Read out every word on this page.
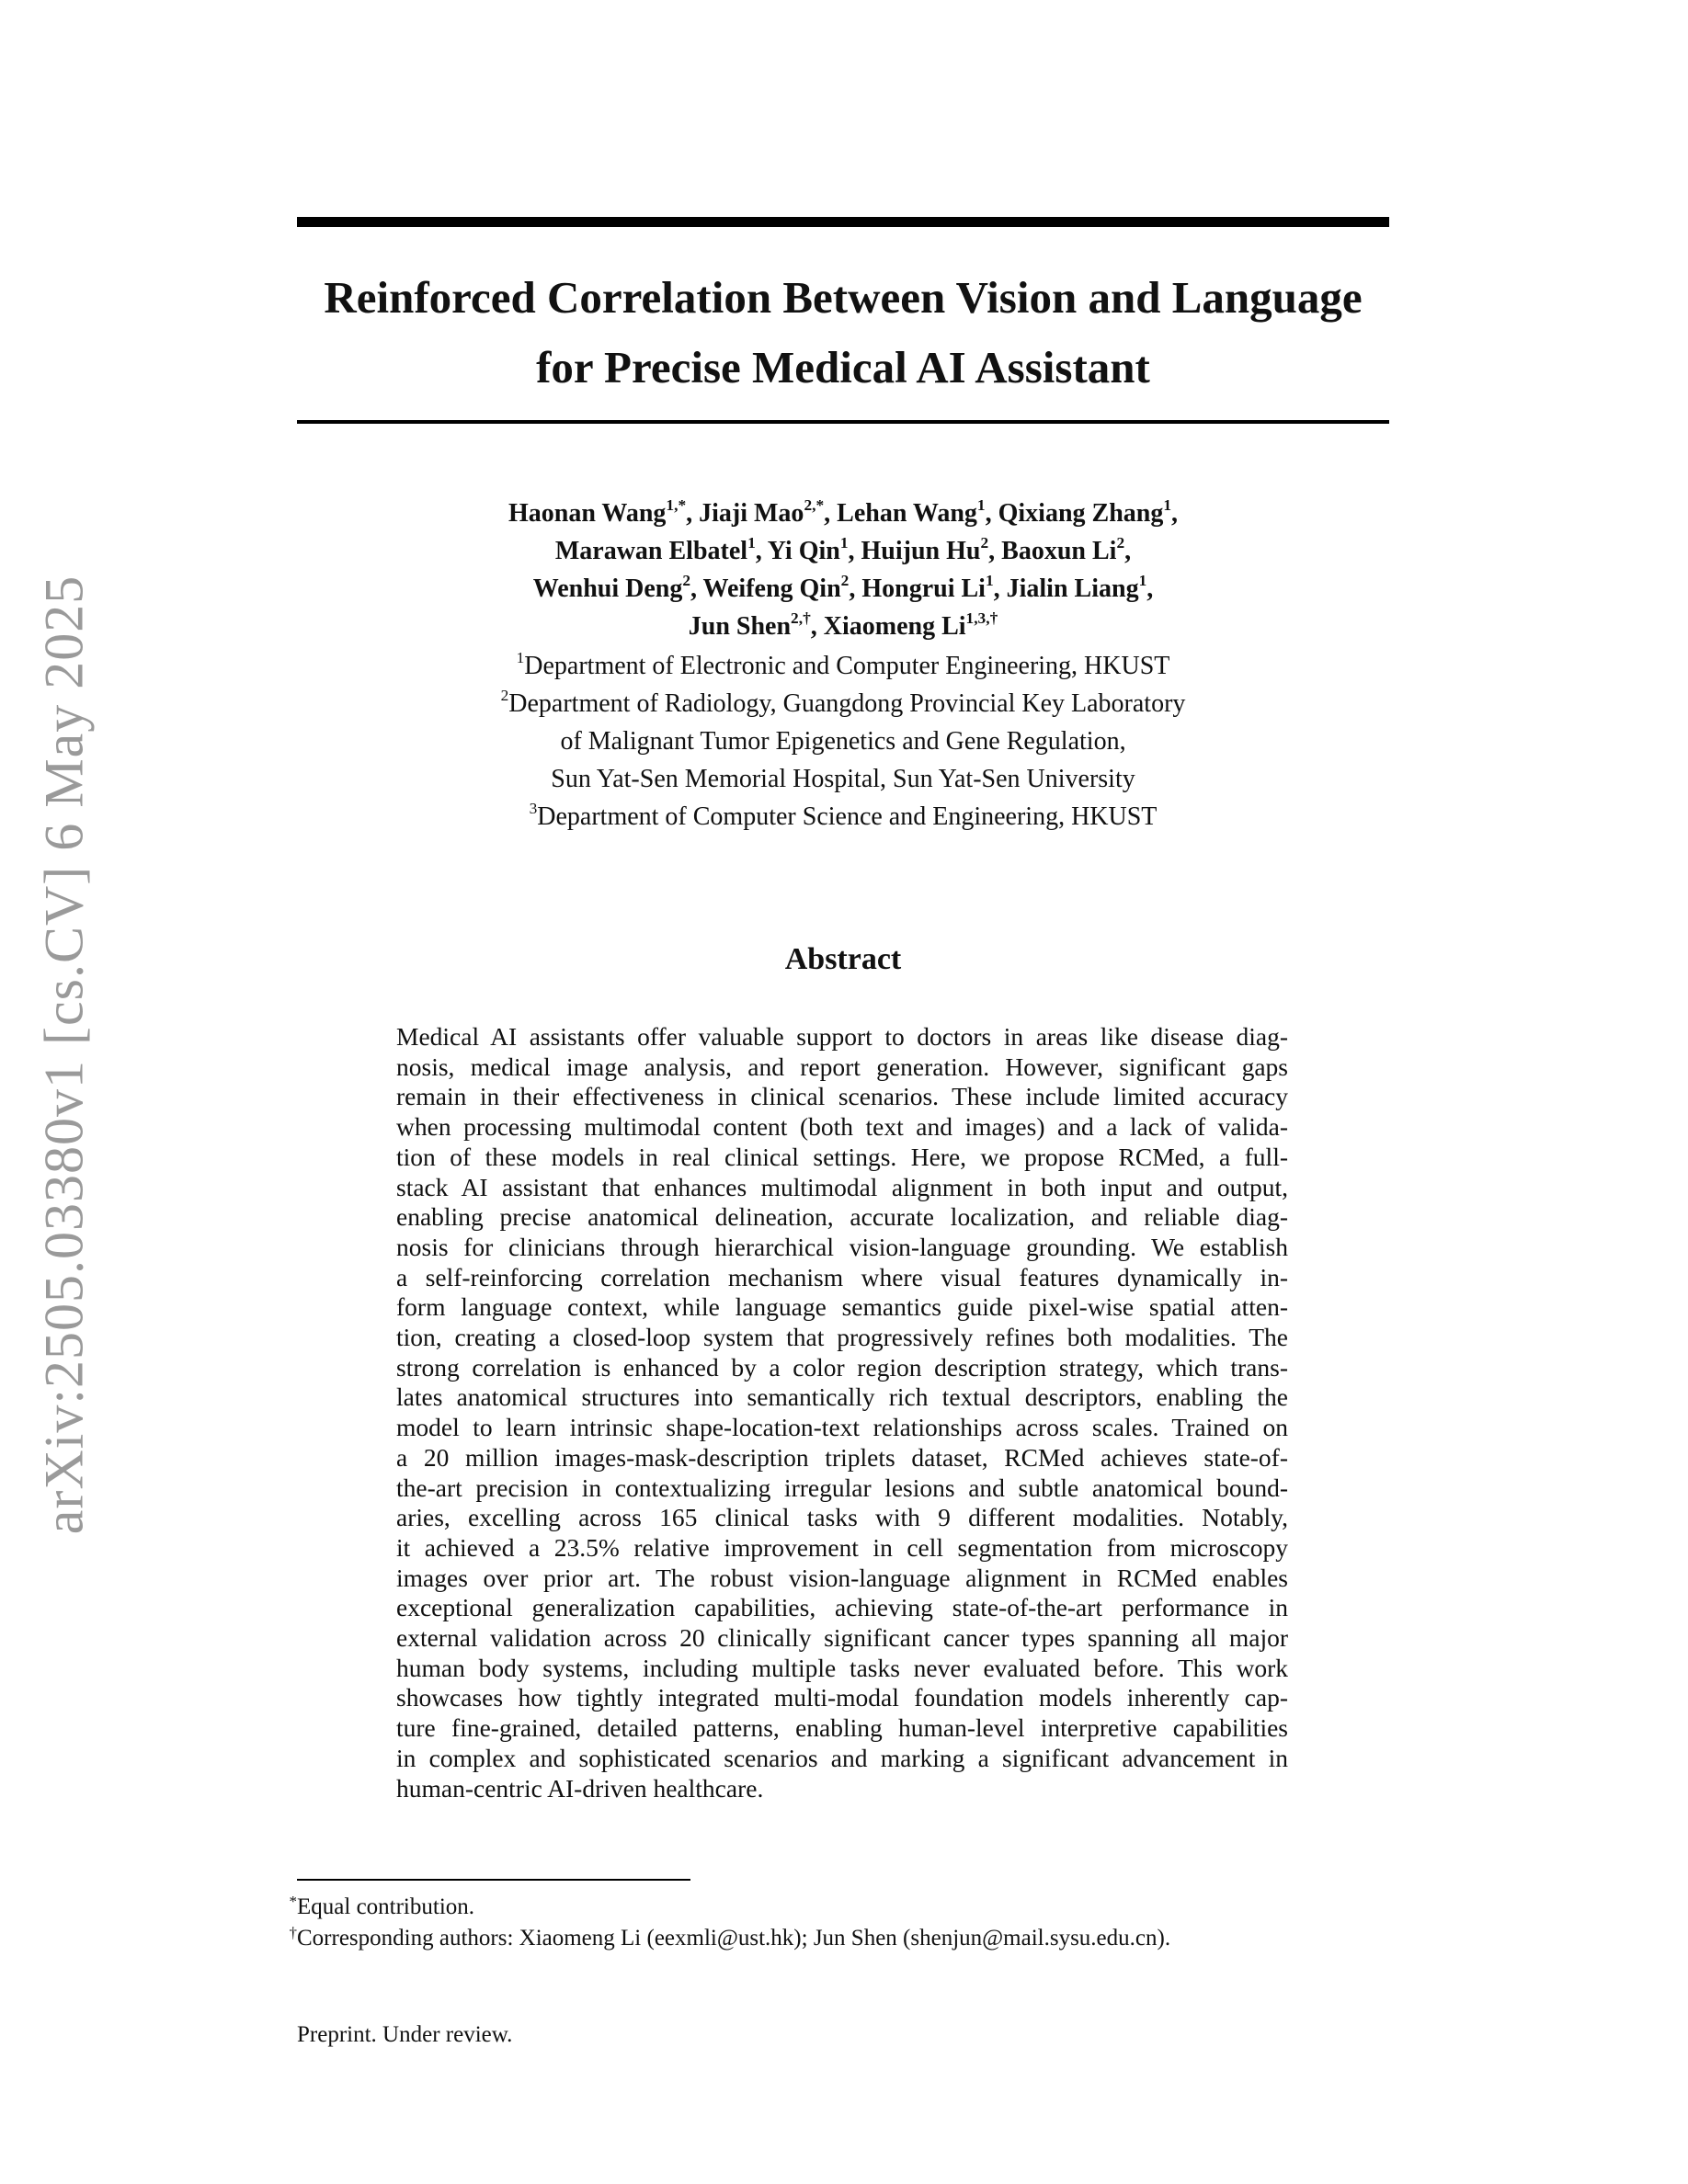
arXiv:2505.03380v1 [cs.CV] 6 May 2025
Reinforced Correlation Between Vision and Language
for Precise Medical AI Assistant
Haonan Wang$^{1,*}$, Jiaji Mao$^{2,*}$, Lehan Wang$^1$, Qixiang Zhang$^1$,
Marawan Elbatel$^1$, Yi Qin$^1$, Huijun Hu$^2$, Baoxun Li$^2$,
Wenhui Deng$^2$, Weifeng Qin$^2$, Hongrui Li$^1$, Jialin Liang$^1$,
Jun Shen$^{2,\dagger}$, Xiaomeng $Li^{1,3,\dagger}$
$^1$Department of Electronic and Computer Engineering, HKUST
$^2$Department of Radiology, Guangdong Provincial Key Laboratory
of Malignant Tumor Epigenetics and Gene Regulation,
Sun Yat-Sen Memorial Hospital, Sun Yat-Sen University
$^3$Department of Computer Science and Engineering, HKUST
Abstract
Medical AI assistants offer valuable support to doctors in areas like disease diag-
nosis, medical image analysis, and report generation. However, significant gaps
remain in their effectiveness in clinical scenarios. These include limited accuracy
when processing multimodal content (both text and images) and a lack of valida-
tion of these models in real clinical settings. Here, we propose RCMed, a full-
stack AI assistant that enhances multimodal alignment in both input and output,
enabling precise anatomical delineation, accurate localization, and reliable diag-
nosis for clinicians through hierarchical vision-language grounding. We establish
a self-reinforcing correlation mechanism where visual features dynamically in-
form language context, while language semantics guide pixel-wise spatial atten-
tion, creating a closed-loop system that progressively refines both modalities. The
strong correlation is enhanced by a color region description strategy, which trans-
lates anatomical structures into semantically rich textual descriptors, enabling the
model to learn intrinsic shape-location-text relationships across scales. Trained on
a 20 million images-mask-description triplets dataset, RCMed achieves state-of-
the-art precision in contextualizing irregular lesions and subtle anatomical bound-
aries, excelling across 165 clinical tasks with 9 different modalities. Notably,
it achieved a 23.5% relative improvement in cell segmentation from microscopy
images over prior art. The robust vision-language alignment in RCMed enables
exceptional generalization capabilities, achieving state-of-the-art performance in
external validation across 20 clinically significant cancer types spanning all major
human body systems, including multiple tasks never evaluated before. This work
showcases how tightly integrated multi-modal foundation models inherently cap-
ture fine-grained, detailed patterns, enabling human-level interpretive capabilities
in complex and sophisticated scenarios and marking a significant advancement in
human-centric AI-driven healthcare.
*Equal contribution.
†Corresponding authors: Xiaomeng Li (eexmli@ust.hk); Jun Shen (shenjun@mail.sysu.edu.cn).
Preprint. Under review.
